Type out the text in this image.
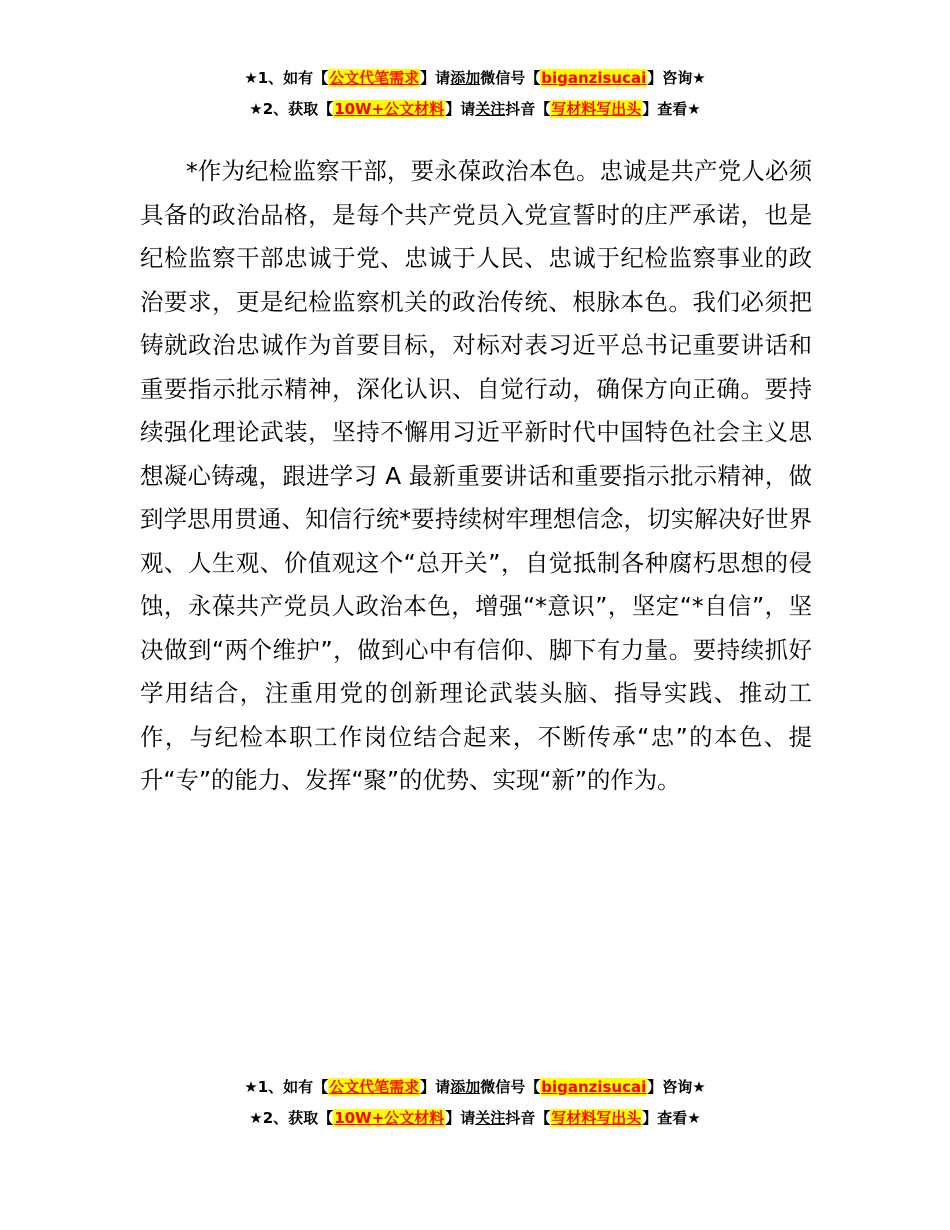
★1、如有【公文代笔需求】请添加微信号【biganzisucai】咨询★
★2、获取【10W+公文材料】请关注抖音【写材料写出头】查看★

*作为纪检监察干部，要永葆政治本色。忠诚是共产党人必须具备的政治品格，是每个共产党员入党宣誓时的庄严承诺，也是纪检监察干部忠诚于党、忠诚于人民、忠诚于纪检监察事业的政治要求，更是纪检监察机关的政治传统、根脉本色。我们必须把铸就政治忠诚作为首要目标，对标对表习近平总书记重要讲话和重要指示批示精神，深化认识、自觉行动，确保方向正确。要持续强化理论武装，坚持不懈用习近平新时代中国特色社会主义思想凝心铸魂，跟进学习 A 最新重要讲话和重要指示批示精神，做到学思用贯通、知信行统*要持续树牢理想信念，切实解决好世界观、人生观、价值观这个“总开关”，自觉抵制各种腐朽思想的侵蚀，永葆共产党员人政治本色，增强“*意识”，坚定“*自信”，坚决做到“两个维护”，做到心中有信仰、脚下有力量。要持续抓好学用结合，注重用党的创新理论武装头脑、指导实践、推动工作，与纪检本职工作岗位结合起来，不断传承“忠”的本色、提升“专”的能力、发挥“聚”的优势、实现“新”的作为。

★1、如有【公文代笔需求】请添加微信号【biganzisucai】咨询★
★2、获取【10W+公文材料】请关注抖音【写材料写出头】查看★
